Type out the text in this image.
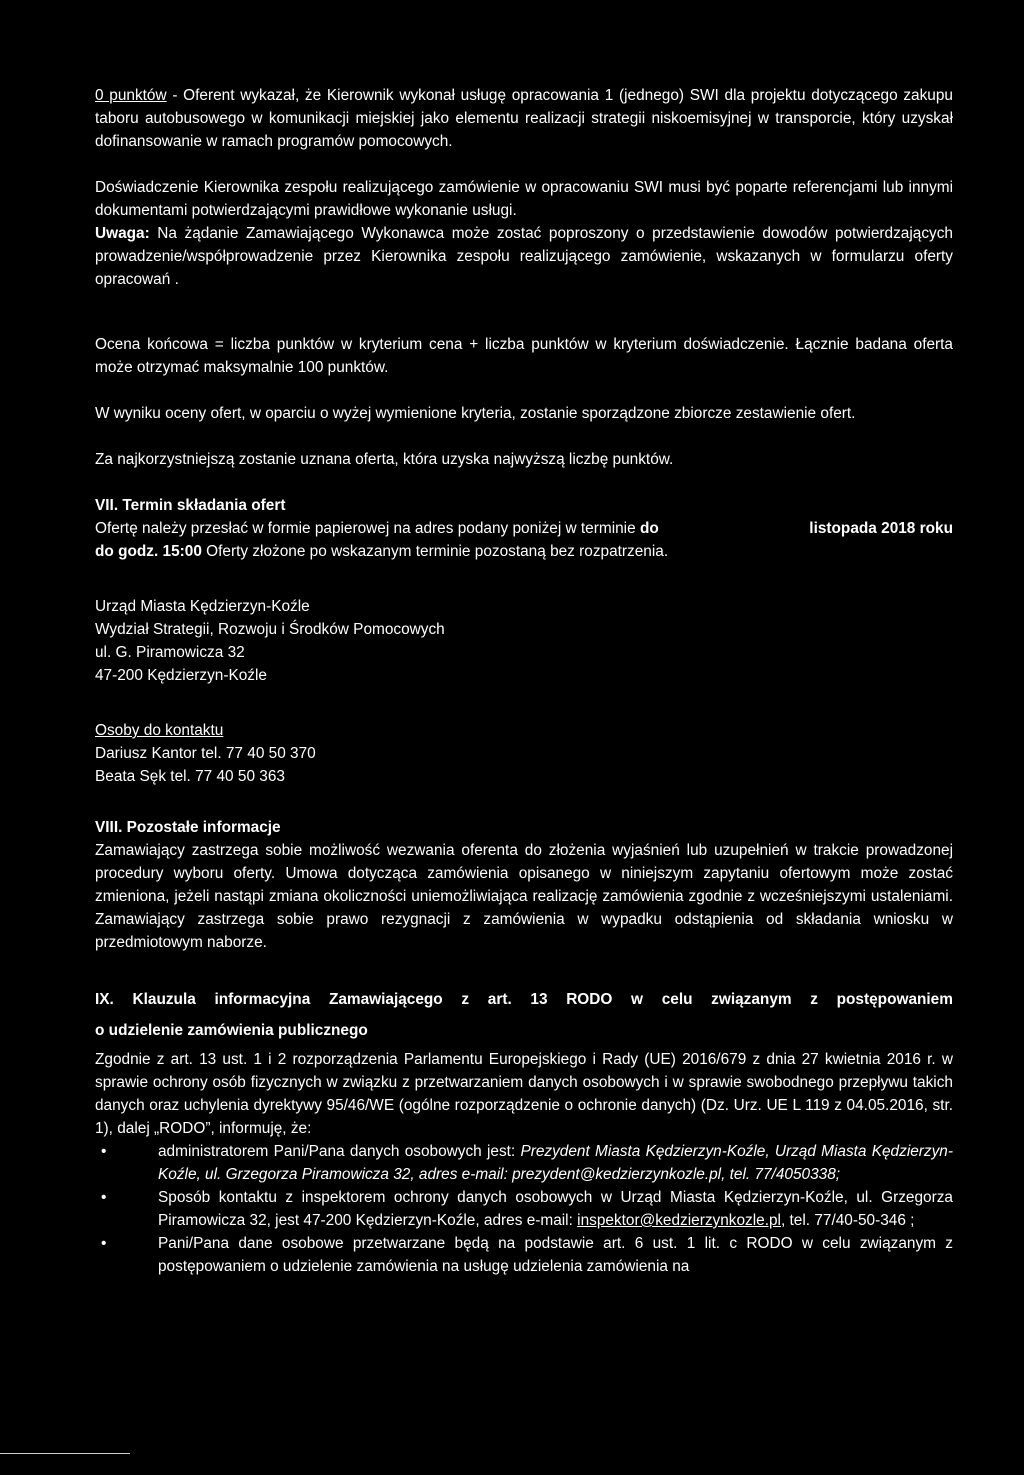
0 punktów - Oferent wykazał, że Kierownik wykonał usługę opracowania 1 (jednego) SWI dla projektu dotyczącego zakupu taboru autobusowego w komunikacji miejskiej jako elementu realizacji strategii niskoemisyjnej w transporcie, który uzyskał dofinansowanie w ramach programów pomocowych.

Doświadczenie Kierownika zespołu realizującego zamówienie w opracowaniu SWI musi być poparte referencjami lub innymi dokumentami potwierdzającymi prawidłowe wykonanie usługi.

Uwaga: Na żądanie Zamawiającego Wykonawca może zostać poproszony o przedstawienie dowodów potwierdzających prowadzenie/współprowadzenie przez Kierownika zespołu realizującego zamówienie, wskazanych w formularzu oferty opracowań .

Ocena końcowa = liczba punktów w kryterium cena + liczba punktów w kryterium doświadczenie. Łącznie badana oferta może otrzymać maksymalnie 100 punktów.

W wyniku oceny ofert, w oparciu o wyżej wymienione kryteria, zostanie sporządzone zbiorcze zestawienie ofert.

Za najkorzystniejszą zostanie uznana oferta, która uzyska najwyższą liczbę punktów.

VII. Termin składania ofert

Ofertę należy przesłać w formie papierowej na adres podany poniżej w terminie do	listopada 2018 roku

do godz. 15:00 Oferty złożone po wskazanym terminie pozostaną bez rozpatrzenia.

Urząd Miasta Kędzierzyn-Koźle

Wydział Strategii, Rozwoju i Środków Pomocowych

ul. G. Piramowicza 32

47-200 Kędzierzyn-Koźle

Osoby do kontaktu

Dariusz Kantor tel. 77 40 50 370

Beata Sęk tel. 77 40 50 363

VIII. Pozostałe informacje

Zamawiający zastrzega sobie możliwość wezwania oferenta do złożenia wyjaśnień lub uzupełnień w trakcie prowadzonej procedury wyboru oferty. Umowa dotycząca zamówienia opisanego w niniejszym zapytaniu ofertowym może zostać zmieniona, jeżeli nastąpi zmiana okoliczności uniemożliwiająca realizację zamówienia zgodnie z wcześniejszymi ustaleniami. Zamawiający zastrzega sobie prawo rezygnacji z zamówienia w wypadku odstąpienia od składania wniosku w przedmiotowym naborze.

IX. Klauzula informacyjna Zamawiającego z art. 13 RODO w celu związanym z postępowaniem

o udzielenie zamówienia publicznego

Zgodnie z art. 13 ust. 1 i 2 rozporządzenia Parlamentu Europejskiego i Rady (UE) 2016/679 z dnia 27 kwietnia 2016 r. w sprawie ochrony osób fizycznych w związku z przetwarzaniem danych osobowych i w sprawie swobodnego przepływu takich danych oraz uchylenia dyrektywy 95/46/WE (ogólne rozporządzenie o ochronie danych) (Dz. Urz. UE L 119 z 04.05.2016, str. 1), dalej „RODO”, informuję, że:

•	administratorem Pani/Pana danych osobowych jest: Prezydent Miasta Kędzierzyn-Koźle, Urząd Miasta Kędzierzyn-Koźle, ul. Grzegorza Piramowicza 32, adres e-mail: prezydent@kedzierzynkozle.pl, tel. 77/4050338;
•	Sposób kontaktu z inspektorem ochrony danych osobowych w Urząd Miasta Kędzierzyn-Koźle, ul. Grzegorza Piramowicza 32, jest 47-200 Kędzierzyn-Koźle, adres e-mail: inspektor@kedzierzynkozle.pl, tel. 77/40-50-346 ;
•	Pani/Pana dane osobowe przetwarzane będą na podstawie art. 6 ust. 1 lit. c RODO w celu związanym z postępowaniem o udzielenie zamówienia na usługę udzielenia zamówienia na
